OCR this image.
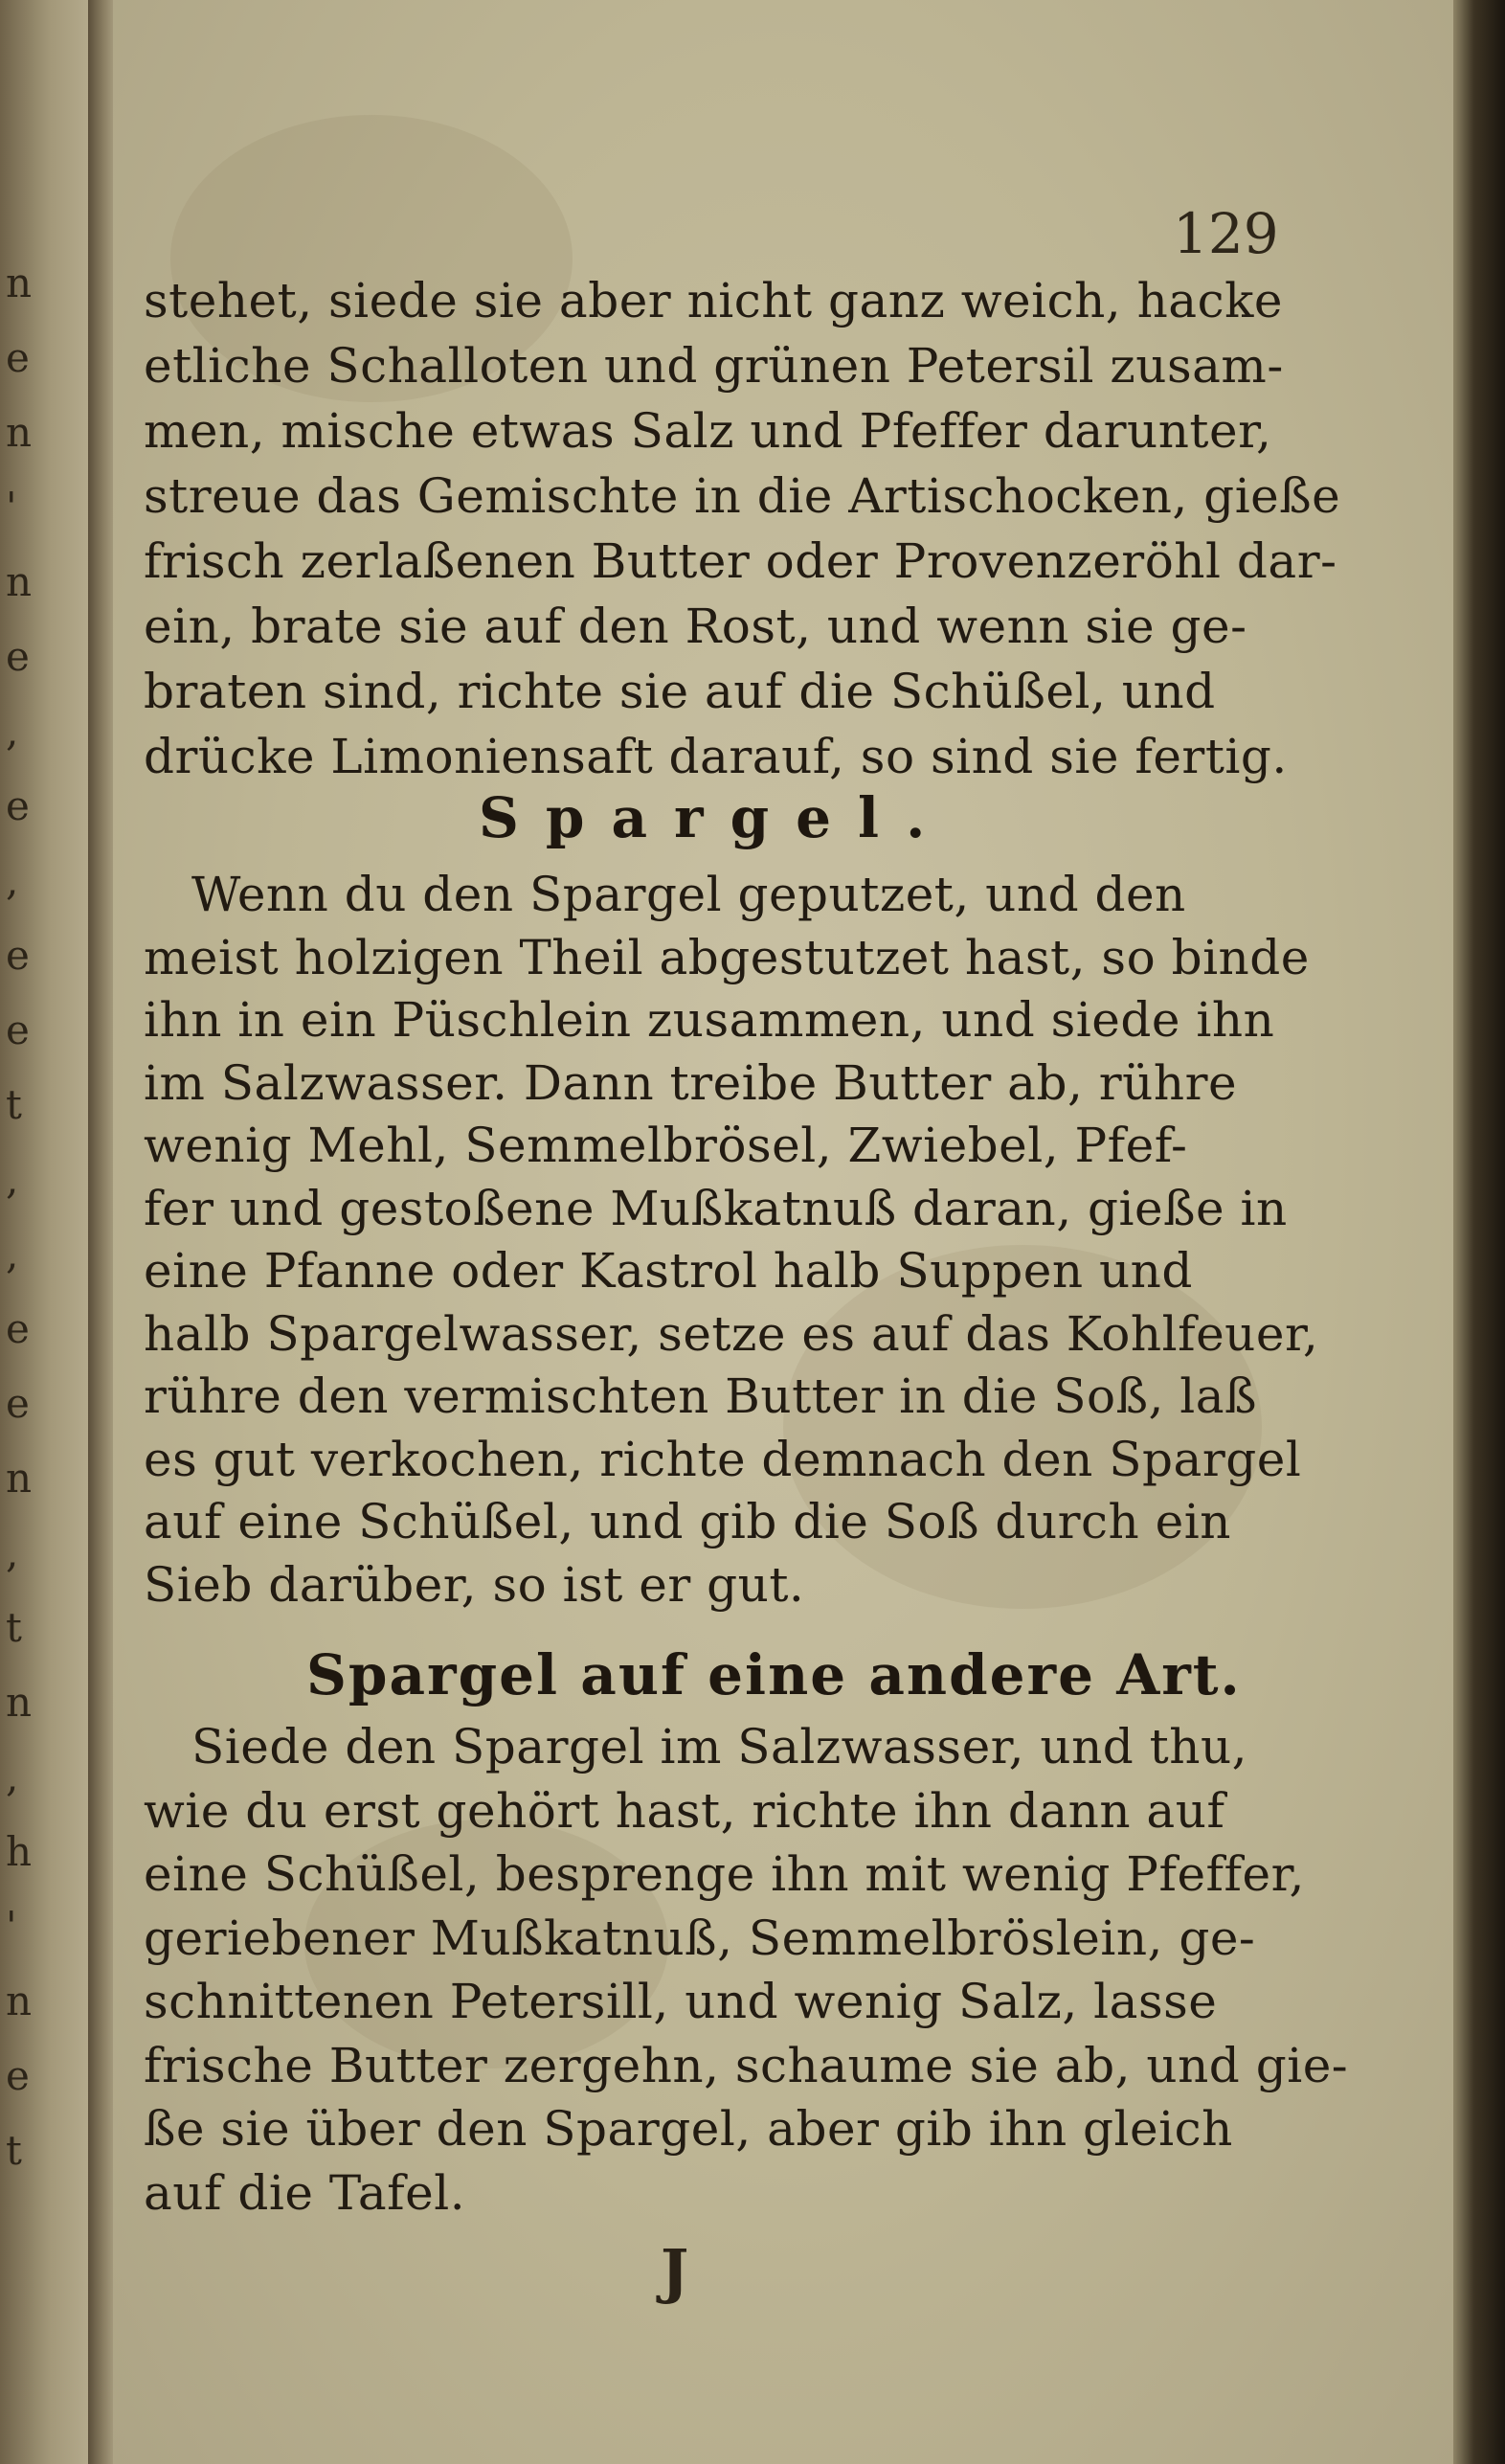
n
e
n
'
n
e
,
e
,
e
e
t
,
,
e
e
n
,
t
n
,
h
'
n
e
t
129
stehet, siede sie aber nicht ganz weich, hacke
etliche Schalloten und grünen Petersil zusam-
men, mische etwas Salz und Pfeffer darunter,
streue das Gemischte in die Artischocken, gieße
frisch zerlaßenen Butter oder Provenzeröhl dar-
ein, brate sie auf den Rost, und wenn sie ge-
braten sind, richte sie auf die Schüßel, und
drücke Limoniensaft darauf, so sind sie fertig.
Wenn du den Spargel geputzet, und den
meist holzigen Theil abgestutzet hast, so binde
ihn in ein Püschlein zusammen, und siede ihn
im Salzwasser. Dann treibe Butter ab, rühre
wenig Mehl, Semmelbrösel, Zwiebel, Pfef-
fer und gestoßene Mußkatnuß daran, gieße in
eine Pfanne oder Kastrol halb Suppen und
halb Spargelwasser, setze es auf das Kohlfeuer,
rühre den vermischten Butter in die Soß, laß
es gut verkochen, richte demnach den Spargel
auf eine Schüßel, und gib die Soß durch ein
Sieb darüber, so ist er gut.
Siede den Spargel im Salzwasser, und thu,
wie du erst gehört hast, richte ihn dann auf
eine Schüßel, besprenge ihn mit wenig Pfeffer,
geriebener Mußkatnuß, Semmelbröslein, ge-
schnittenen Petersill, und wenig Salz, lasse
frische Butter zergehn, schaume sie ab, und gie-
ße sie über den Spargel, aber gib ihn gleich
auf die Tafel.
Spargel.
Spargel auf eine andere Art.
J
